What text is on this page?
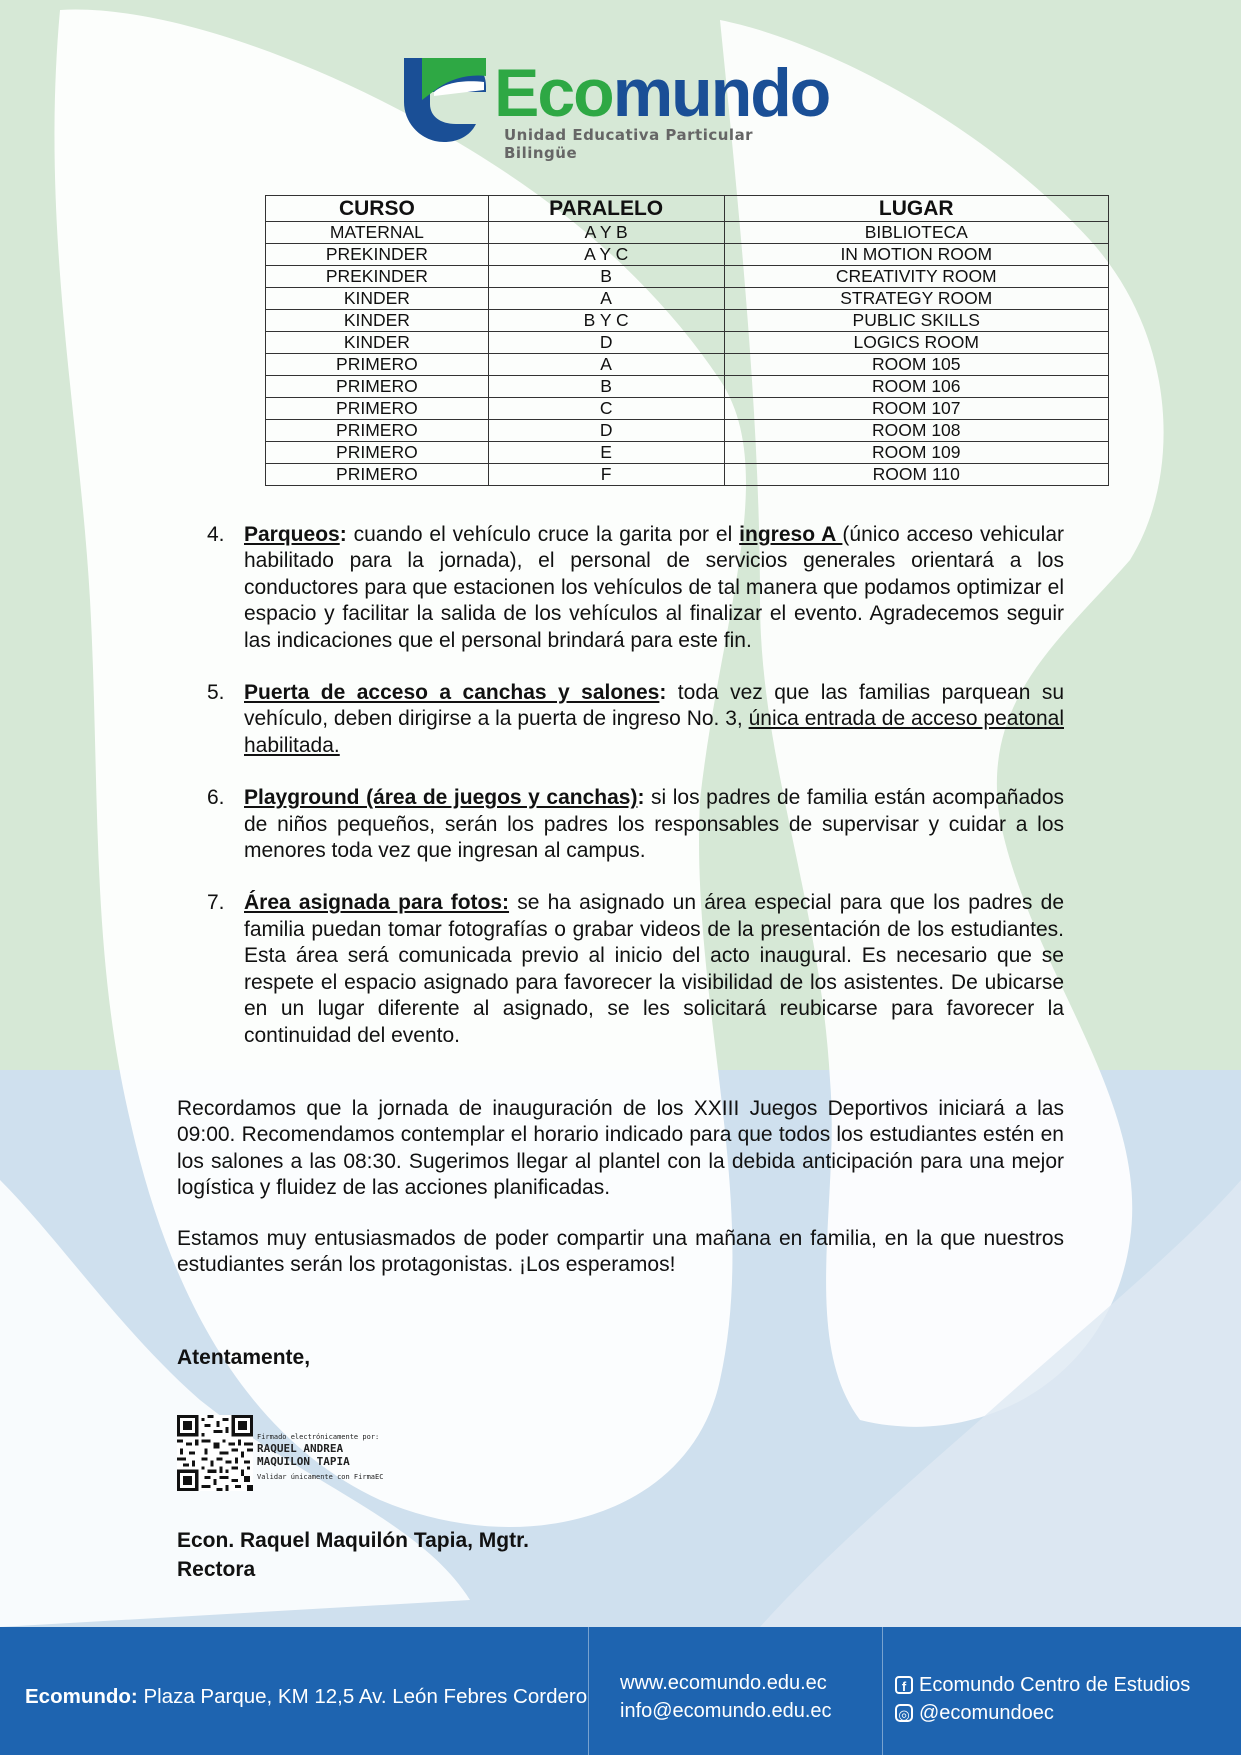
Ecomundo
Unidad Educativa Particular Bilingüe
CURSO	PARALELO	LUGAR
MATERNAL	A Y B	BIBLIOTECA
PREKINDER	A Y C	IN MOTION ROOM
PREKINDER	B	CREATIVITY ROOM
KINDER	A	STRATEGY ROOM
KINDER	B Y C	PUBLIC SKILLS
KINDER	D	LOGICS ROOM
PRIMERO	A	ROOM 105
PRIMERO	B	ROOM 106
PRIMERO	C	ROOM 107
PRIMERO	D	ROOM 108
PRIMERO	E	ROOM 109
PRIMERO	F	ROOM 110
4. Parqueos: cuando el vehículo cruce la garita por el ingreso A (único acceso vehicular habilitado para la jornada), el personal de servicios generales orientará a los conductores para que estacionen los vehículos de tal manera que podamos optimizar el espacio y facilitar la salida de los vehículos al finalizar el evento. Agradecemos seguir las indicaciones que el personal brindará para este fin.
5. Puerta de acceso a canchas y salones: toda vez que las familias parquean su vehículo, deben dirigirse a la puerta de ingreso No. 3, única entrada de acceso peatonal habilitada.
6. Playground (área de juegos y canchas): si los padres de familia están acompañados de niños pequeños, serán los padres los responsables de supervisar y cuidar a los menores toda vez que ingresan al campus.
7. Área asignada para fotos: se ha asignado un área especial para que los padres de familia puedan tomar fotografías o grabar videos de la presentación de los estudiantes. Esta área será comunicada previo al inicio del acto inaugural. Es necesario que se respete el espacio asignado para favorecer la visibilidad de los asistentes. De ubicarse en un lugar diferente al asignado, se les solicitará reubicarse para favorecer la continuidad del evento.
Recordamos que la jornada de inauguración de los XXIII Juegos Deportivos iniciará a las 09:00. Recomendamos contemplar el horario indicado para que todos los estudiantes estén en los salones a las 08:30. Sugerimos llegar al plantel con la debida anticipación para una mejor logística y fluidez de las acciones planificadas.
Estamos muy entusiasmados de poder compartir una mañana en familia, en la que nuestros estudiantes serán los protagonistas. ¡Los esperamos!
Atentamente,
Firmado electrónicamente por:
RAQUEL ANDREA
MAQUILON TAPIA
Validar únicamente con FirmaEC
Econ. Raquel Maquilón Tapia, Mgtr.
Rectora
Ecomundo: Plaza Parque, KM 12,5 Av. León Febres Cordero
www.ecomundo.edu.ec
info@ecomundo.edu.ec
f Ecomundo Centro de Estudios
◎ @ecomundoec
